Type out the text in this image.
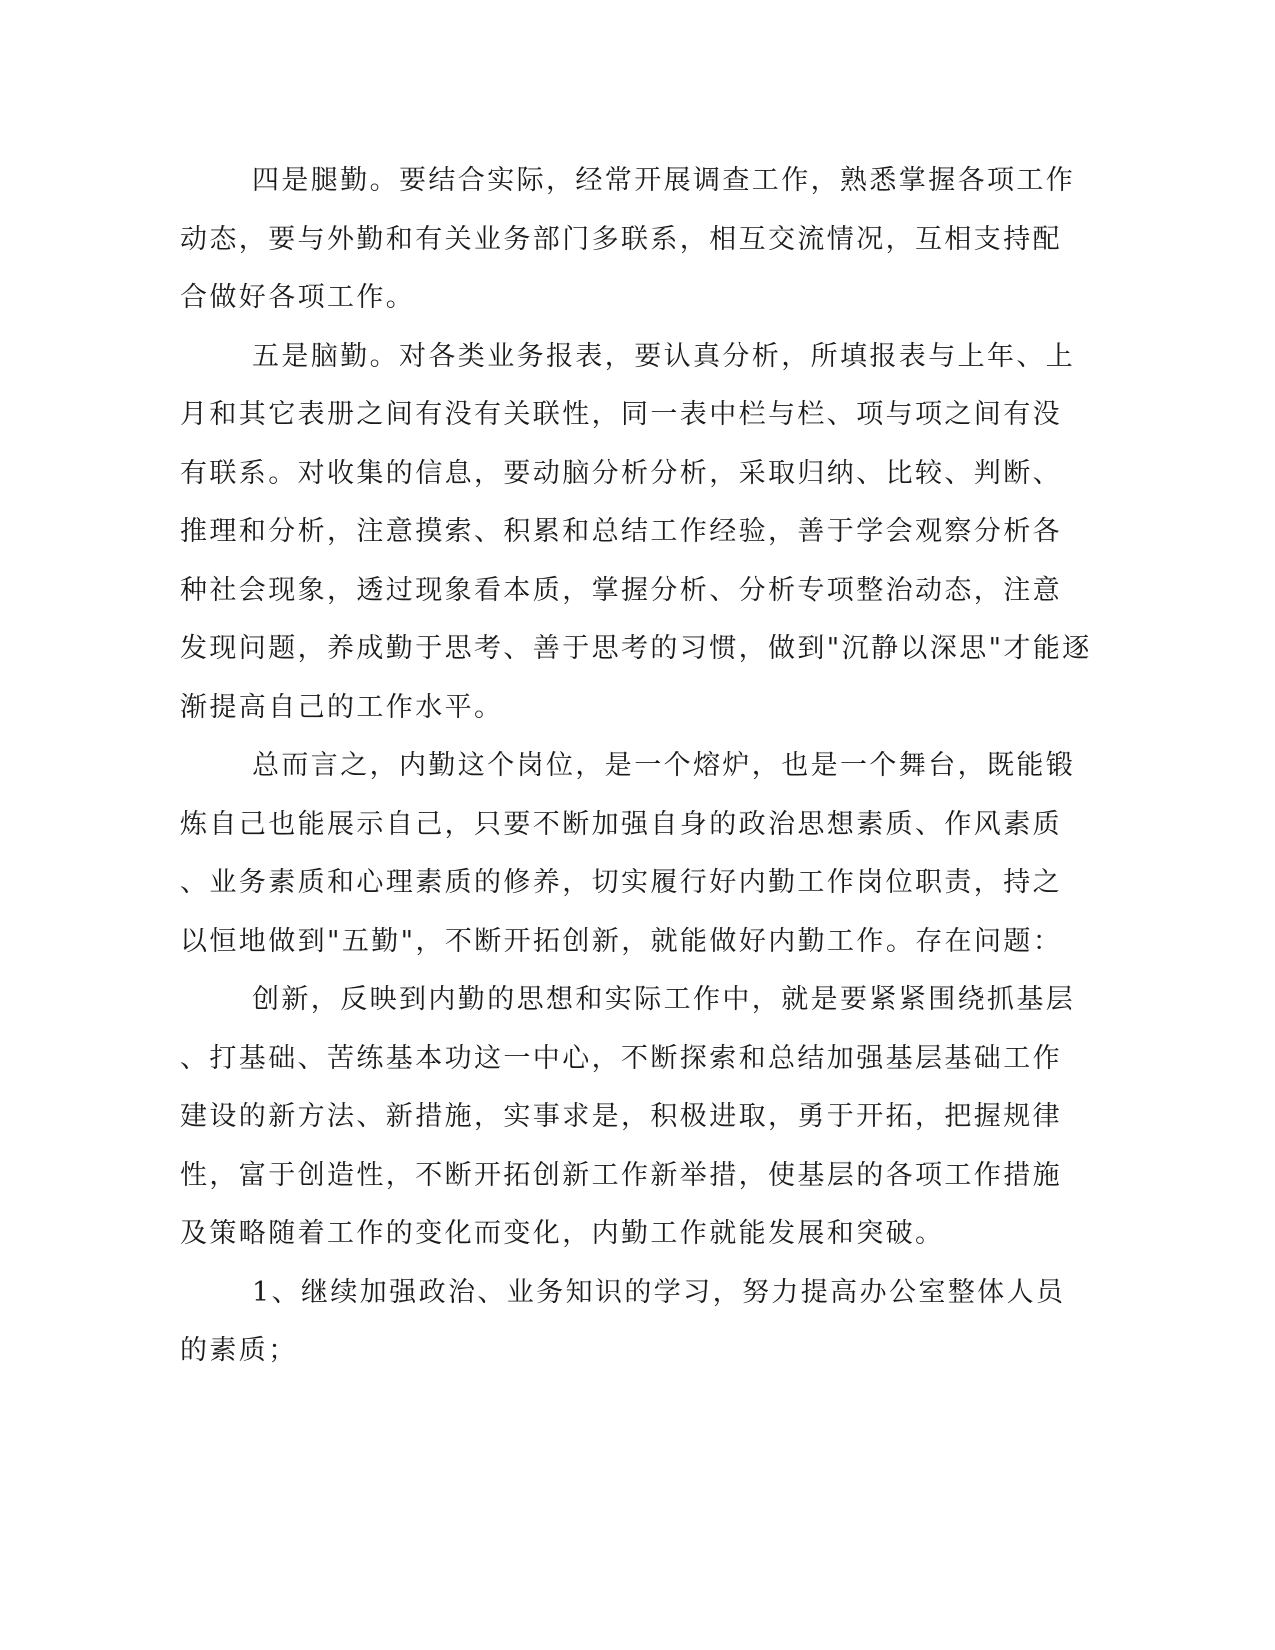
四是腿勤。要结合实际，经常开展调查工作，熟悉掌握各项工作
动态，要与外勤和有关业务部门多联系，相互交流情况，互相支持配
合做好各项工作。
五是脑勤。对各类业务报表，要认真分析，所填报表与上年、上
月和其它表册之间有没有关联性，同一表中栏与栏、项与项之间有没
有联系。对收集的信息，要动脑分析分析，采取归纳、比较、判断、
推理和分析，注意摸索、积累和总结工作经验，善于学会观察分析各
种社会现象，透过现象看本质，掌握分析、分析专项整治动态，注意
发现问题，养成勤于思考、善于思考的习惯，做到"沉静以深思"才能逐
渐提高自己的工作水平。
总而言之，内勤这个岗位，是一个熔炉，也是一个舞台，既能锻
炼自己也能展示自己，只要不断加强自身的政治思想素质、作风素质
、业务素质和心理素质的修养，切实履行好内勤工作岗位职责，持之
以恒地做到"五勤"，不断开拓创新，就能做好内勤工作。存在问题：
创新，反映到内勤的思想和实际工作中，就是要紧紧围绕抓基层
、打基础、苦练基本功这一中心，不断探索和总结加强基层基础工作
建设的新方法、新措施，实事求是，积极进取，勇于开拓，把握规律
性，富于创造性，不断开拓创新工作新举措，使基层的各项工作措施
及策略随着工作的变化而变化，内勤工作就能发展和突破。
1、继续加强政治、业务知识的学习，努力提高办公室整体人员
的素质；
